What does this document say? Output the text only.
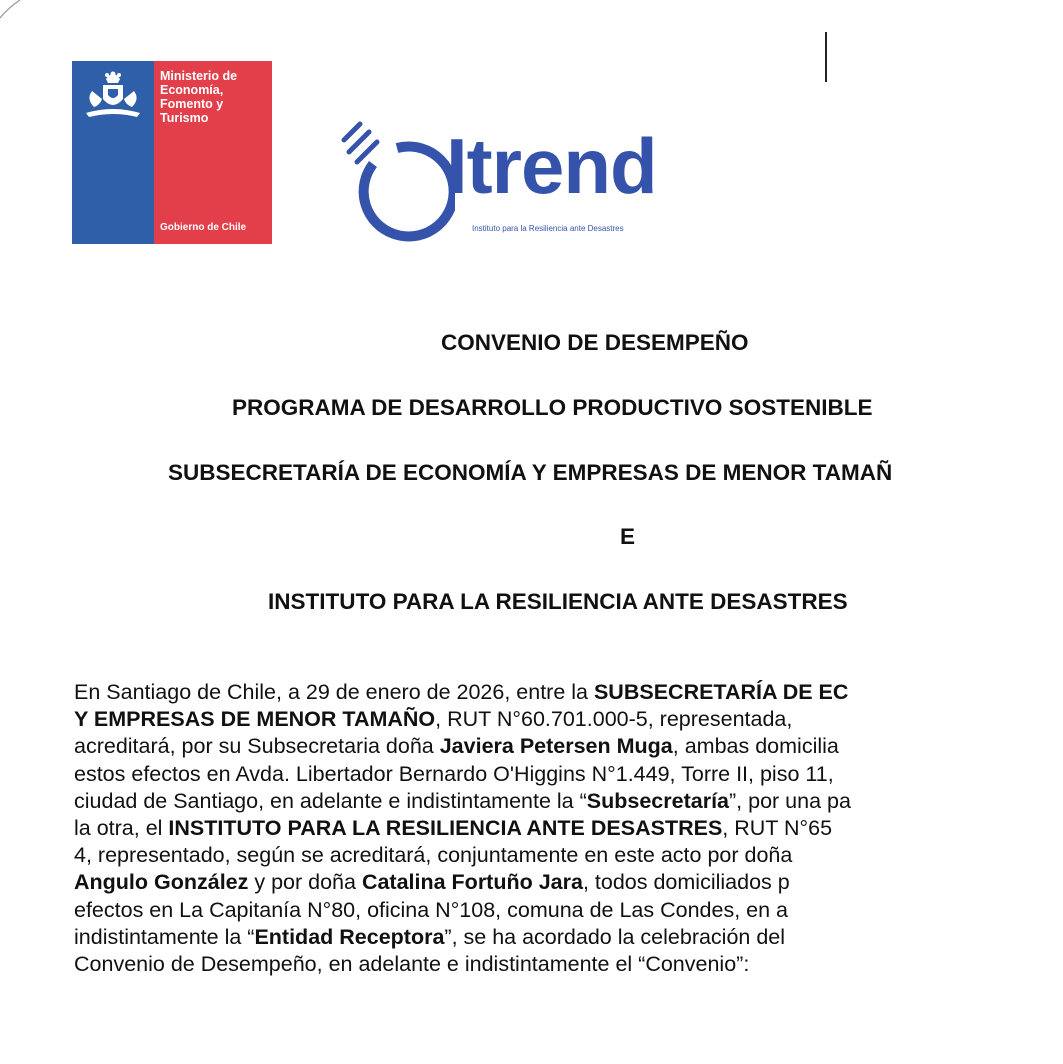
Ministerio de
Economía,
Fomento y
Turismo
Gobierno de Chile
Itrend
Instituto para la Resiliencia ante Desastres
CONVENIO DE DESEMPEÑO
PROGRAMA DE DESARROLLO PRODUCTIVO SOSTENIBLE
SUBSECRETARÍA DE ECONOMÍA Y EMPRESAS DE MENOR TAMAÑ
E
INSTITUTO PARA LA RESILIENCIA ANTE DESASTRES
En Santiago de Chile, a 29 de enero de 2026, entre la SUBSECRETARÍA DE EC
Y EMPRESAS DE MENOR TAMAÑO, RUT N°60.701.000-5, representada,
acreditará, por su Subsecretaria doña Javiera Petersen Muga, ambas domicilia
estos efectos en Avda. Libertador Bernardo O'Higgins N°1.449, Torre II, piso 11,
ciudad de Santiago, en adelante e indistintamente la “Subsecretaría”, por una pa
la otra, el INSTITUTO PARA LA RESILIENCIA ANTE DESASTRES, RUT N°65
4, representado, según se acreditará, conjuntamente en este acto por doña
Angulo González y por doña Catalina Fortuño Jara, todos domiciliados p
efectos en La Capitanía N°80, oficina N°108, comuna de Las Condes, en a
indistintamente la “Entidad Receptora”, se ha acordado la celebración del
Convenio de Desempeño, en adelante e indistintamente el “Convenio”:
